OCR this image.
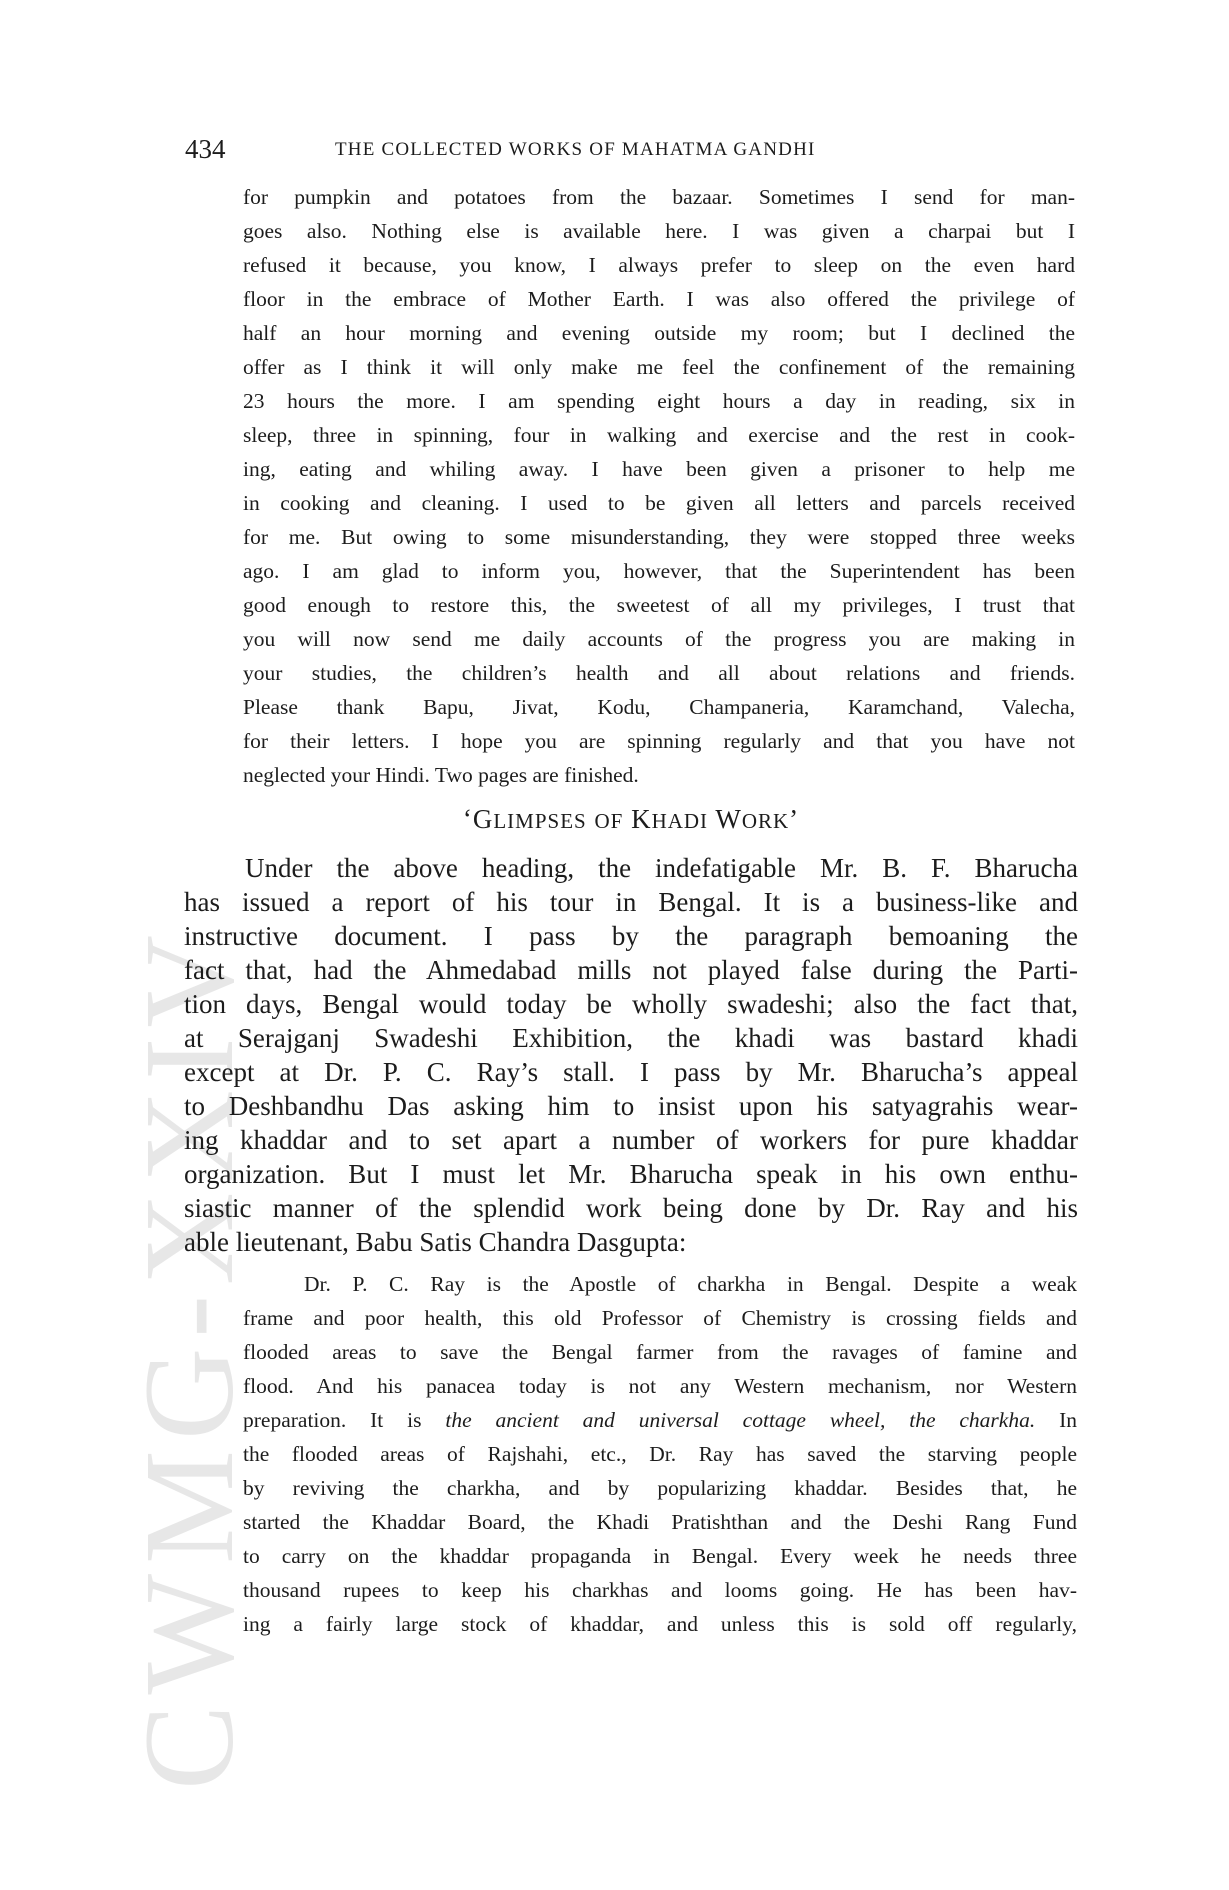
CWMG-XXIV
434	THE COLLECTED WORKS OF MAHATMA GANDHI
for pumpkin and potatoes from the bazaar. Sometimes I send for man-
goes also. Nothing else is available here. I was given a charpai but I
refused it because, you know, I always prefer to sleep on the even hard
floor in the embrace of Mother Earth. I was also offered the privilege of
half an hour morning and evening outside my room; but I declined the
offer as I think it will only make me feel the confinement of the remaining
23 hours the more. I am spending eight hours a day in reading, six in
sleep, three in spinning, four in walking and exercise and the rest in cook-
ing, eating and whiling away. I have been given a prisoner to help me
in cooking and cleaning. I used to be given all letters and parcels received
for me. But owing to some misunderstanding, they were stopped three weeks
ago. I am glad to inform you, however, that the Superintendent has been
good enough to restore this, the sweetest of all my privileges, I trust that
you will now send me daily accounts of the progress you are making in
your studies, the children’s health and all about relations and friends.
Please thank Bapu, Jivat, Kodu, Champaneria, Karamchand, Valecha,
for their letters. I hope you are spinning regularly and that you have not
neglected your Hindi. Two pages are finished.
‘GLIMPSES OF KHADI WORK’
Under the above heading, the indefatigable Mr. B. F. Bharucha
has issued a report of his tour in Bengal. It is a business-like and
instructive document. I pass by the paragraph bemoaning the
fact that, had the Ahmedabad mills not played false during the Parti-
tion days, Bengal would today be wholly swadeshi; also the fact that,
at Serajganj Swadeshi Exhibition, the khadi was bastard khadi
except at Dr. P. C. Ray’s stall. I pass by Mr. Bharucha’s appeal
to Deshbandhu Das asking him to insist upon his satyagrahis wear-
ing khaddar and to set apart a number of workers for pure khaddar
organization. But I must let Mr. Bharucha speak in his own enthu-
siastic manner of the splendid work being done by Dr. Ray and his
able lieutenant, Babu Satis Chandra Dasgupta:
Dr. P. C. Ray is the Apostle of charkha in Bengal. Despite a weak
frame and poor health, this old Professor of Chemistry is crossing fields and
flooded areas to save the Bengal farmer from the ravages of famine and
flood. And his panacea today is not any Western mechanism, nor Western
preparation. It is the ancient and universal cottage wheel, the charkha. In
the flooded areas of Rajshahi, etc., Dr. Ray has saved the starving people
by reviving the charkha, and by popularizing khaddar. Besides that, he
started the Khaddar Board, the Khadi Pratishthan and the Deshi Rang Fund
to carry on the khaddar propaganda in Bengal. Every week he needs three
thousand rupees to keep his charkhas and looms going. He has been hav-
ing a fairly large stock of khaddar, and unless this is sold off regularly,
